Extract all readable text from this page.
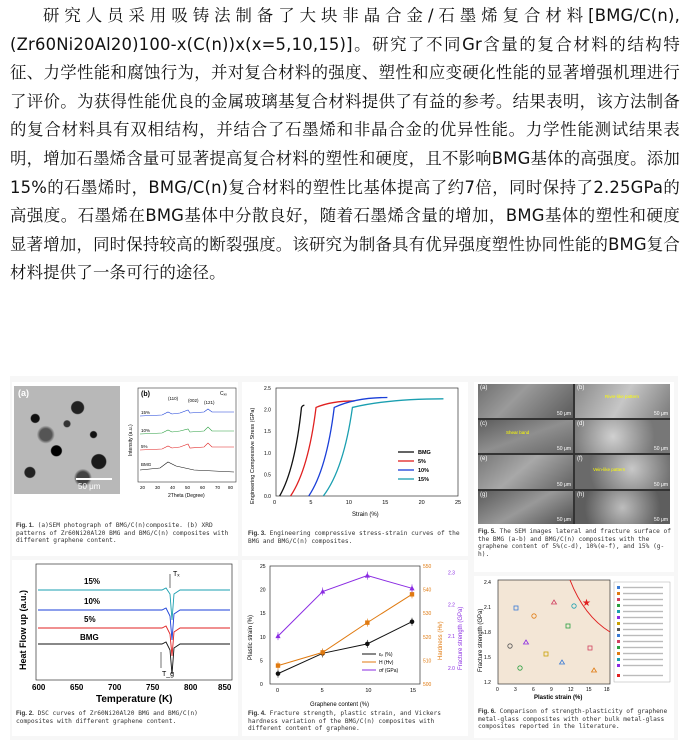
研究人员采用吸铸法制备了大块非晶合金/石墨烯复合材料[BMG/C(n),(Zr60Ni20Al20)100-x(C(n))x(x=5,10,15)]。研究了不同Gr含量的复合材料的结构特征、力学性能和腐蚀行为，并对复合材料的强度、塑性和应变硬化性能的显著增强机理进行了评价。为获得性能优良的金属玻璃基复合材料提供了有益的参考。结果表明，该方法制备的复合材料具有双相结构，并结合了石墨烯和非晶合金的优异性能。力学性能测试结果表明，增加石墨烯含量可显著提高复合材料的塑性和硬度，且不影响BMG基体的高强度。添加15%的石墨烯时，BMG/C(n)复合材料的塑性比基体提高了约7倍，同时保持了2.25GPa的高强度。石墨烯在BMG基体中分散良好，随着石墨烯含量的增加，BMG基体的塑性和硬度显著增加，同时保持较高的断裂强度。该研究为制备具有优异强度塑性协同性能的BMG复合材料提供了一条可行的途径。

(a)
50 μm
(b)	Cₓₓ
(110) (002) (121)
15%
10%
5%
BMG
Intensity (a.u.)
20 30 40 50 60 70 80
2Theta (Degree)
Fig. 1. (a)SEM photograph of BMG/C(n)composite. (b) XRD patterns of Zr60Ni20Al20 BMG and BMG/C(n) composites with different graphene content.
Heat Flow up (a.u.)
15%
10%
5%
BMG
Tₓ
T_g
600	650	700	750	800	850
Temperature (K)
Fig. 2. DSC curves of Zr60Ni20Al20 BMG and BMG/C(n) composites with different graphene content.
Engineering Compressive Stress (GPa)
Strain (%)
0	5	10	15	20	25
0.0
0.5
1.0
1.5
2.0
2.5
BMG
5%
10%
15%
Fig. 3. Engineering compressive stress-strain curves of the BMG and BMG/C(n) composites.
Plastic strain (%)	Hardness (Hv) Fracture strength (GPa)
Graphene content (%)
0	5	10	15
0
5
10
15
20
25
500
510
520
530
540
550
2.0
2.1
2.2
2.3
εₚ (%)
H (Hv)
σf (GPa)
Fig. 4. Fracture strength, plastic strain, and Vickers hardness variation of the BMG/C(n) composites with different content of graphene.
(a)
50 μm
(b)
River-like pattern
50 μm
(c)
Shear band
50 μm
(d)
50 μm
(e)
50 μm
(f)
Vein-like pattern
50 μm
(g)
50 μm
(h)
50 μm
Fig. 5. The SEM images lateral and fracture surface of the BMG (a-b) and BMG/C(n) composites with the graphene content of 5%(c-d), 10%(e-f), and 15% (g-h).
★
Fracture strength (GPa)
1.2
1.5
1.8
2.1
2.4
0	3	6	9	12 15 18
Plastic strain (%)
Fig. 6. Comparison of strength-plasticity of graphene metal-glass composites with other bulk metal-glass composites reported in the literature.
